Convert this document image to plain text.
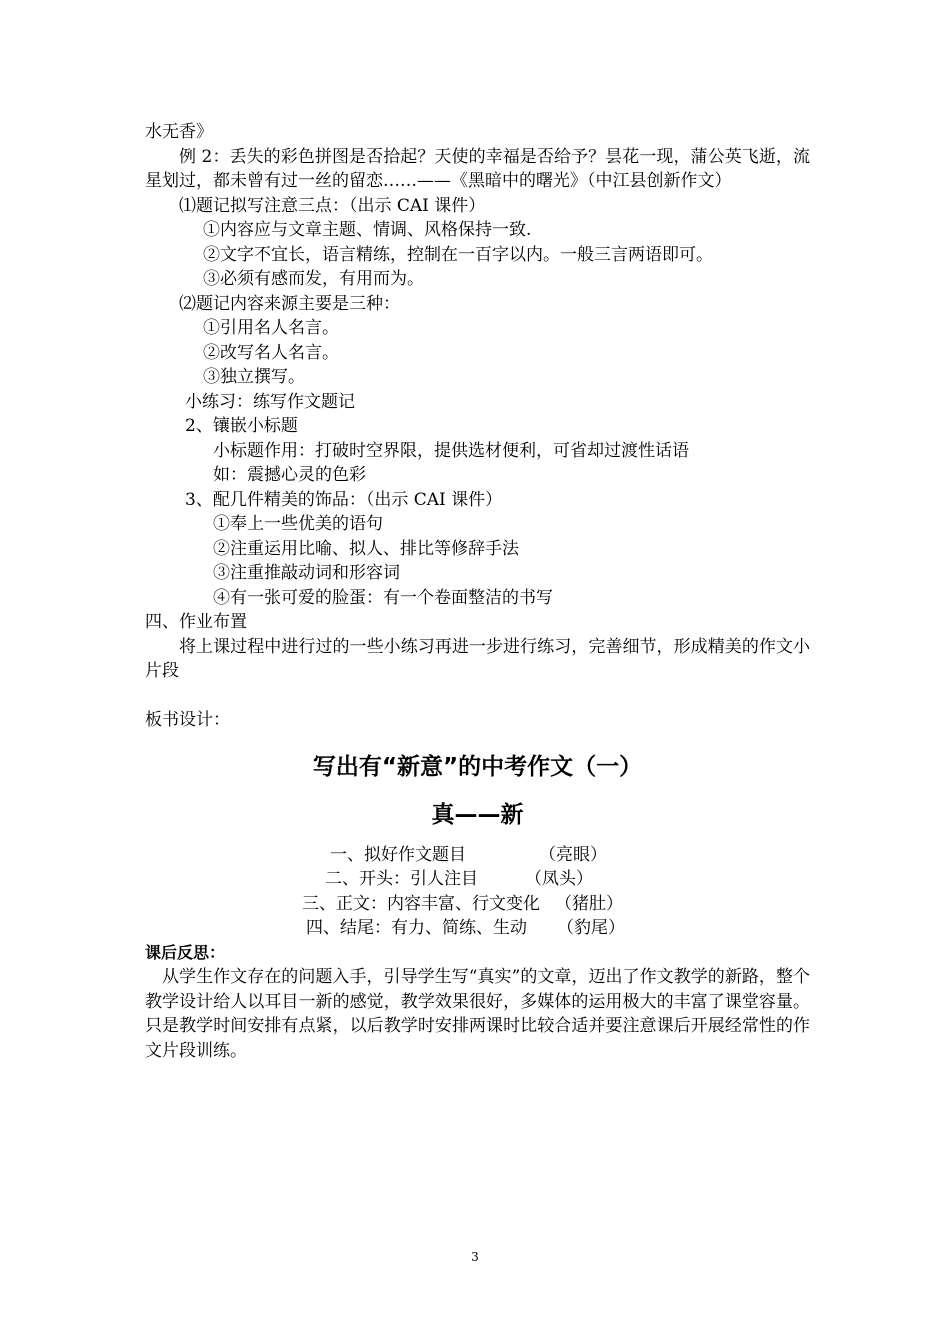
水无香》
例 2：丢失的彩色拼图是否拾起？天使的幸福是否给予？昙花一现，蒲公英飞逝，流星划过，都未曾有过一丝的留恋……——《黑暗中的曙光》（中江县创新作文）
⑴题记拟写注意三点：（出示 CAI 课件）
①内容应与文章主题、情调、风格保持一致.
②文字不宜长，语言精练，控制在一百字以内。一般三言两语即可。
③必须有感而发，有用而为。
⑵题记内容来源主要是三种：
①引用名人名言。
②改写名人名言。
③独立撰写。
小练习：练写作文题记
2、镶嵌小标题
小标题作用：打破时空界限，提供选材便利，可省却过渡性话语
如：震撼心灵的色彩
3、配几件精美的饰品：（出示 CAI 课件）
①奉上一些优美的语句
②注重运用比喻、拟人、排比等修辞手法
③注重推敲动词和形容词
④有一张可爱的脸蛋：有一个卷面整洁的书写
四、作业布置
将上课过程中进行过的一些小练习再进一步进行练习，完善细节，形成精美的作文小片段
板书设计：
写出有“新意”的中考作文（一）
真——新
一、拟好作文题目	（亮眼）
二、开头：引人注目	（凤头）
三、正文：内容丰富、行文变化 （猪肚）
四、结尾：有力、简练、生动 （豹尾）
课后反思：
从学生作文存在的问题入手，引导学生写“真实”的文章，迈出了作文教学的新路，整个教学设计给人以耳目一新的感觉，教学效果很好，多媒体的运用极大的丰富了课堂容量。只是教学时间安排有点紧，以后教学时安排两课时比较合适并要注意课后开展经常性的作文片段训练。
3
